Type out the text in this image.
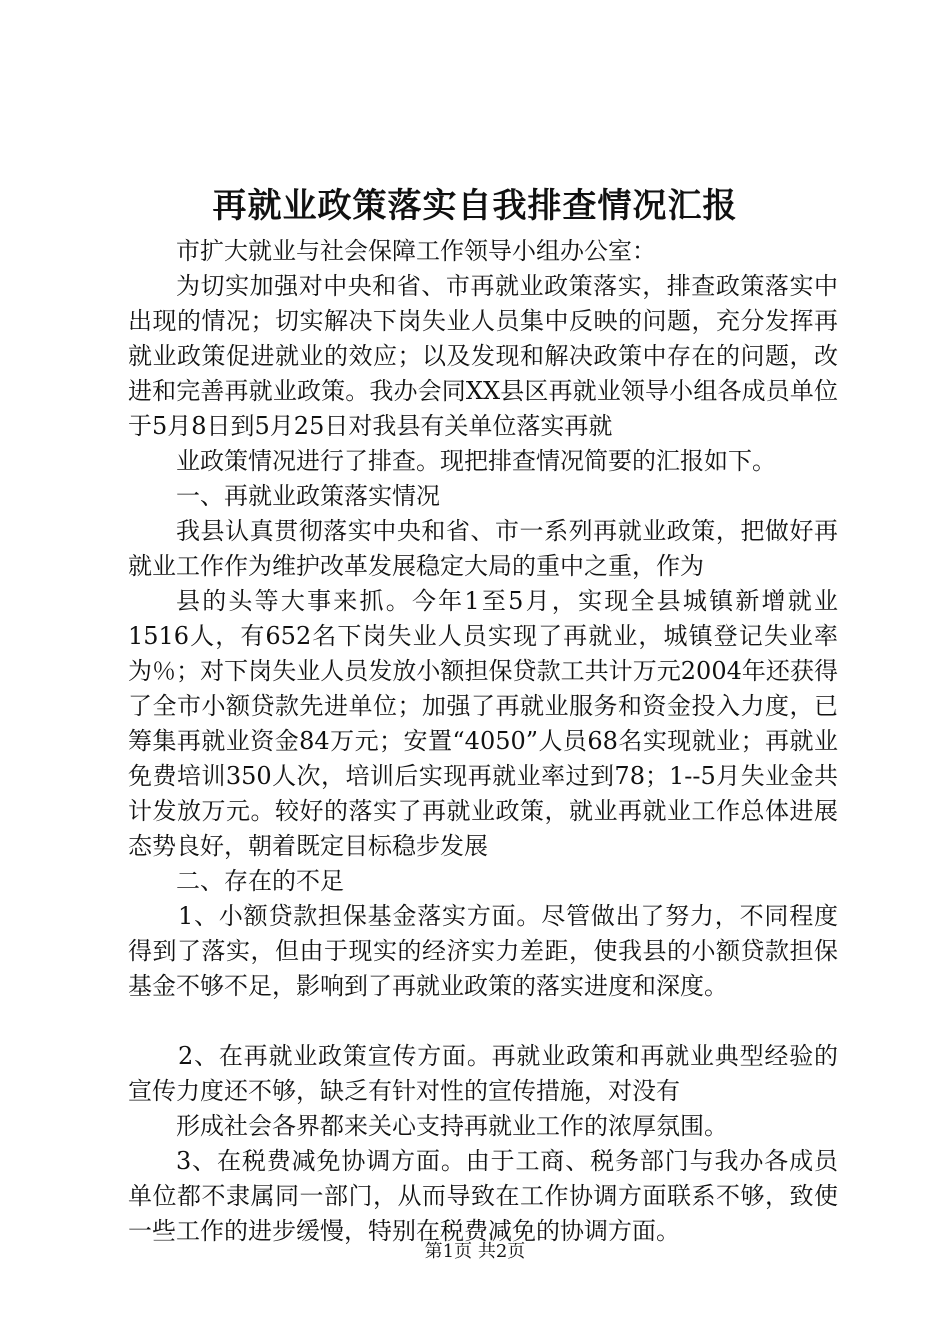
再就业政策落实自我排查情况汇报

市扩大就业与社会保障工作领导小组办公室：

为切实加强对中央和省、市再就业政策落实，排查政策落实中出现的情况；切实解决下岗失业人员集中反映的问题，充分发挥再就业政策促进就业的效应；以及发现和解决政策中存在的问题，改进和完善再就业政策。我办会同XX县区再就业领导小组各成员单位于5月8日到5月25日对我县有关单位落实再就

业政策情况进行了排查。现把排查情况简要的汇报如下。

一、再就业政策落实情况

我县认真贯彻落实中央和省、市一系列再就业政策，把做好再就业工作作为维护改革发展稳定大局的重中之重，作为

县的头等大事来抓。今年1至5月，实现全县城镇新增就业1516人，有652名下岗失业人员实现了再就业，城镇登记失业率为％；对下岗失业人员发放小额担保贷款工共计万元2004年还获得了全市小额贷款先进单位；加强了再就业服务和资金投入力度，已筹集再就业资金84万元；安置“4050”人员68名实现就业；再就业免费培训350人次，培训后实现再就业率过到78；1--5月失业金共计发放万元。较好的落实了再就业政策，就业再就业工作总体进展态势良好，朝着既定目标稳步发展

二、存在的不足

1、小额贷款担保基金落实方面。尽管做出了努力，不同程度得到了落实，但由于现实的经济实力差距，使我县的小额贷款担保基金不够不足，影响到了再就业政策的落实进度和深度。

2、在再就业政策宣传方面。再就业政策和再就业典型经验的宣传力度还不够，缺乏有针对性的宣传措施，对没有

形成社会各界都来关心支持再就业工作的浓厚氛围。

3、在税费减免协调方面。由于工商、税务部门与我办各成员单位都不隶属同一部门，从而导致在工作协调方面联系不够，致使一些工作的进步缓慢，特别在税费减免的协调方面。

第1页 共2页
